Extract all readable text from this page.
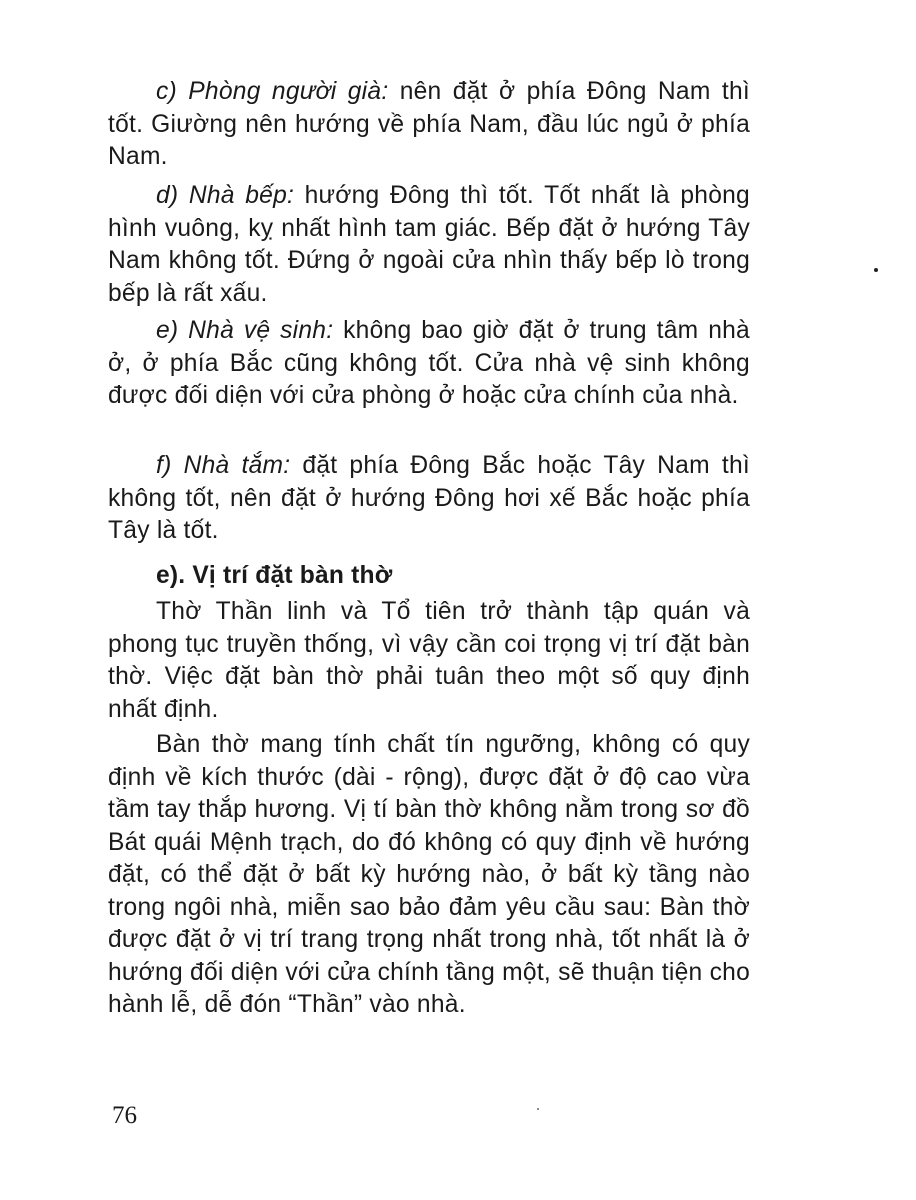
c) Phòng người già: nên đặt ở phía Đông Nam thì tốt. Giường nên hướng về phía Nam, đầu lúc ngủ ở phía Nam.

d) Nhà bếp: hướng Đông thì tốt. Tốt nhất là phòng hình vuông, kỵ nhất hình tam giác. Bếp đặt ở hướng Tây Nam không tốt. Đứng ở ngoài cửa nhìn thấy bếp lò trong bếp là rất xấu.

e) Nhà vệ sinh: không bao giờ đặt ở trung tâm nhà ở, ở phía Bắc cũng không tốt. Cửa nhà vệ sinh không được đối diện với cửa phòng ở hoặc cửa chính của nhà.

f) Nhà tắm: đặt phía Đông Bắc hoặc Tây Nam thì không tốt, nên đặt ở hướng Đông hơi xế Bắc hoặc phía Tây là tốt.

e). Vị trí đặt bàn thờ

Thờ Thần linh và Tổ tiên trở thành tập quán và phong tục truyền thống, vì vậy cần coi trọng vị trí đặt bàn thờ. Việc đặt bàn thờ phải tuân theo một số quy định nhất định.

Bàn thờ mang tính chất tín ngưỡng, không có quy định về kích thước (dài - rộng), được đặt ở độ cao vừa tầm tay thắp hương. Vị tí bàn thờ không nằm trong sơ đồ Bát quái Mệnh trạch, do đó không có quy định về hướng đặt, có thể đặt ở bất kỳ hướng nào, ở bất kỳ tầng nào trong ngôi nhà, miễn sao bảo đảm yêu cầu sau: Bàn thờ được đặt ở vị trí trang trọng nhất trong nhà, tốt nhất là ở hướng đối diện với cửa chính tầng một, sẽ thuận tiện cho hành lễ, dễ đón “Thần” vào nhà.

76
